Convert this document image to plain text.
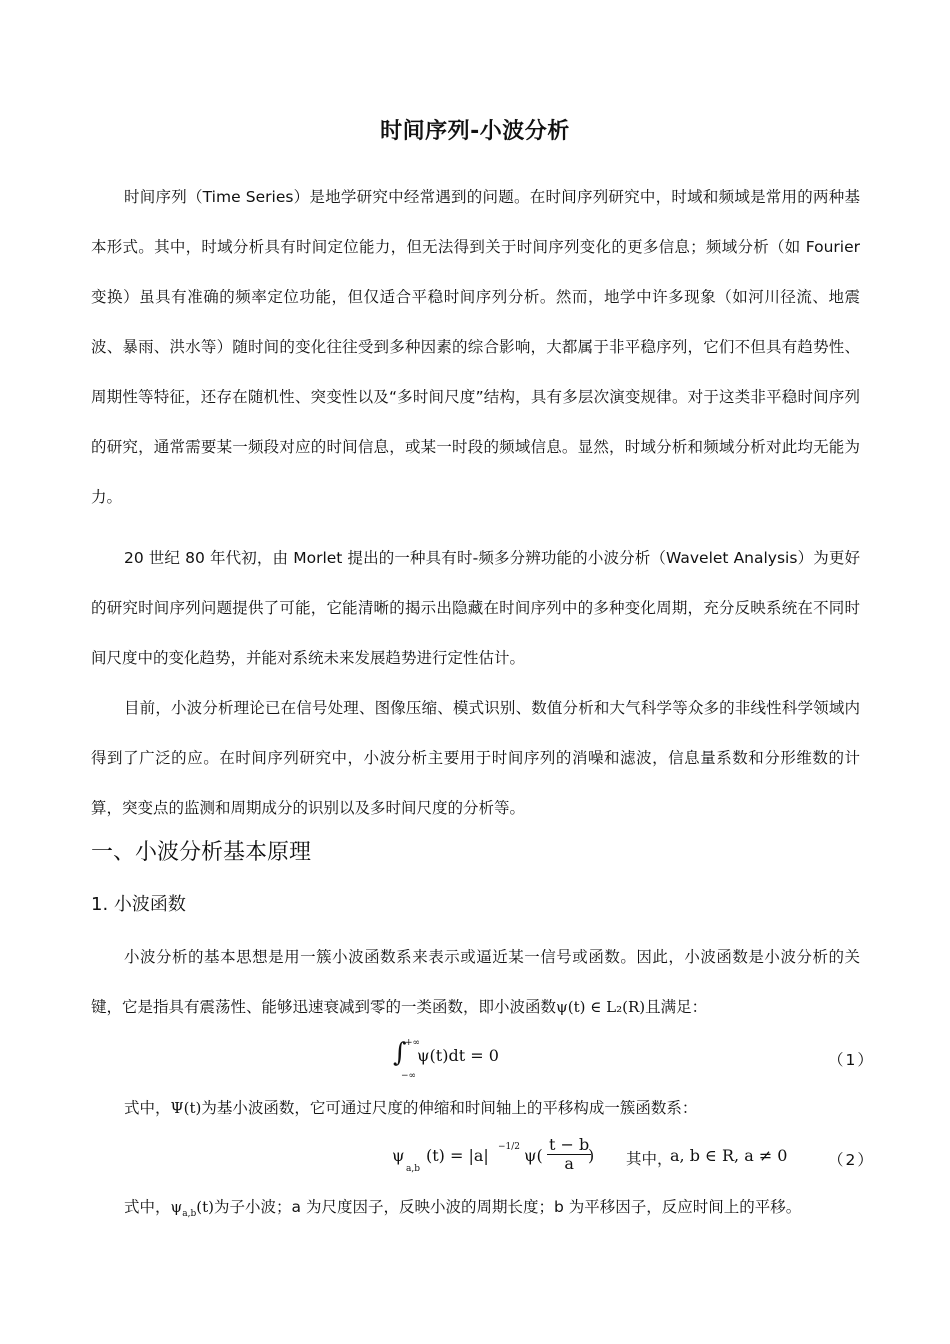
时间序列-小波分析

时间序列（Time Series）是地学研究中经常遇到的问题。在时间序列研究中，时域和频域是常用的两种基本形式。其中，时域分析具有时间定位能力，但无法得到关于时间序列变化的更多信息；频域分析（如 Fourier 变换）虽具有准确的频率定位功能，但仅适合平稳时间序列分析。然而，地学中许多现象（如河川径流、地震波、暴雨、洪水等）随时间的变化往往受到多种因素的综合影响，大都属于非平稳序列，它们不但具有趋势性、周期性等特征，还存在随机性、突变性以及“多时间尺度”结构，具有多层次演变规律。对于这类非平稳时间序列的研究，通常需要某一频段对应的时间信息，或某一时段的频域信息。显然，时域分析和频域分析对此均无能为力。

20 世纪 80 年代初，由 Morlet 提出的一种具有时-频多分辨功能的小波分析（Wavelet Analysis）为更好的研究时间序列问题提供了可能，它能清晰的揭示出隐藏在时间序列中的多种变化周期，充分反映系统在不同时间尺度中的变化趋势，并能对系统未来发展趋势进行定性估计。

目前，小波分析理论已在信号处理、图像压缩、模式识别、数值分析和大气科学等众多的非线性科学领域内得到了广泛的应。在时间序列研究中，小波分析主要用于时间序列的消噪和滤波，信息量系数和分形维数的计算，突变点的监测和周期成分的识别以及多时间尺度的分析等。

一、小波分析基本原理
1. 小波函数

小波分析的基本思想是用一簇小波函数系来表示或逼近某一信号或函数。因此，小波函数是小波分析的关键，它是指具有震荡性、能够迅速衰减到零的一类函数，即小波函数ψ(t) ∈ L₂(R)且满足：

∫
+∞
−∞
ψ(t)dt = 0	（1）
式中，Ψ(t)为基小波函数，它可通过尺度的伸缩和时间轴上的平移构成一簇函数系：
ψ
a,b
(t) = |a| −1/2 $\psi( \frac{t - b}{a}$
) 其中，
a, b ∈ R, a ≠ 0	（2）
式中，$\psi_{a,b}(t)$为子小波；a 为尺度因子，反映小波的周期长度；b 为平移因子，反应时间上的平移。
